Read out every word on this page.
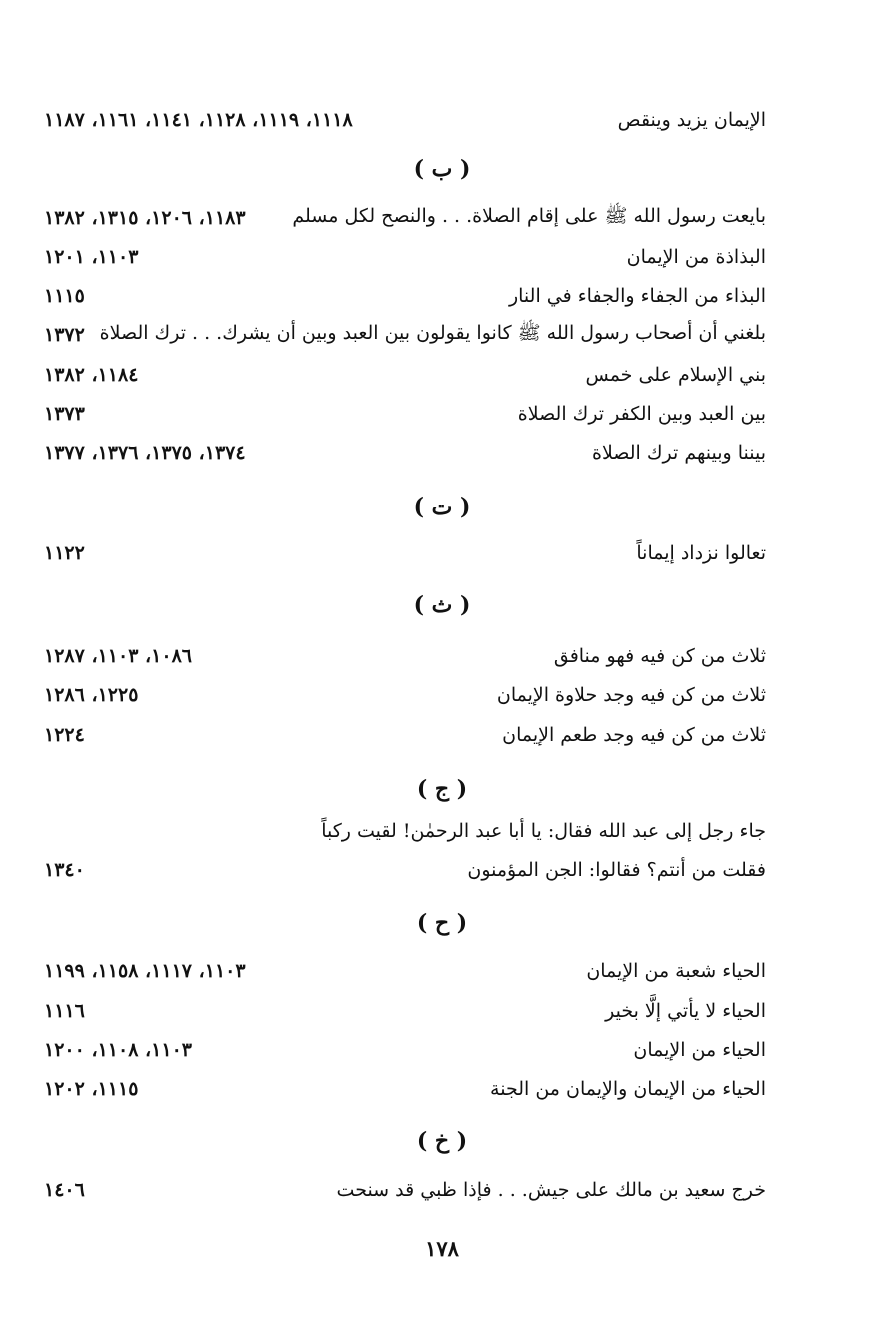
الإيمان يزيد وينقص
١١١٨، ١١١٩، ١١٢٨، ١١٤١، ١١٦١، ١١٨٧
( ب )
بايعت رسول الله ﷺ على إقام الصلاة. . . والنصح لكل مسلم
١١٨٣، ١٢٠٦، ١٣١٥، ١٣٨٢
البذاذة من الإيمان
١١٠٣، ١٢٠١
البذاء من الجفاء والجفاء في النار
١١١٥
بلغني أن أصحاب رسول الله ﷺ كانوا يقولون بين العبد وبين أن يشرك. . . ترك الصلاة
١٣٧٢
بني الإسلام على خمس
١١٨٤، ١٣٨٢
بين العبد وبين الكفر ترك الصلاة
١٣٧٣
بيننا وبينهم ترك الصلاة
١٣٧٤، ١٣٧٥، ١٣٧٦، ١٣٧٧
( ت )
تعالوا نزداد إيماناً
١١٢٢
( ث )
ثلاث من كن فيه فهو منافق
١٠٨٦، ١١٠٣، ١٢٨٧
ثلاث من كن فيه وجد حلاوة الإيمان
١٢٢٥، ١٢٨٦
ثلاث من كن فيه وجد طعم الإيمان
١٢٢٤
( ج )
جاء رجل إلى عبد الله فقال: يا أبا عبد الرحمٰن! لقيت ركباً
فقلت من أنتم؟ فقالوا: الجن المؤمنون
١٣٤٠
( ح )
الحياء شعبة من الإيمان
١١٠٣، ١١١٧، ١١٥٨، ١١٩٩
الحياء لا يأتي إلَّا بخير
١١١٦
الحياء من الإيمان
١١٠٣، ١١٠٨، ١٢٠٠
الحياء من الإيمان والإيمان من الجنة
١١١٥، ١٢٠٢
( خ )
خرج سعيد بن مالك على جيش. . . فإذا ظبي قد سنحت
١٤٠٦
١٧٨
